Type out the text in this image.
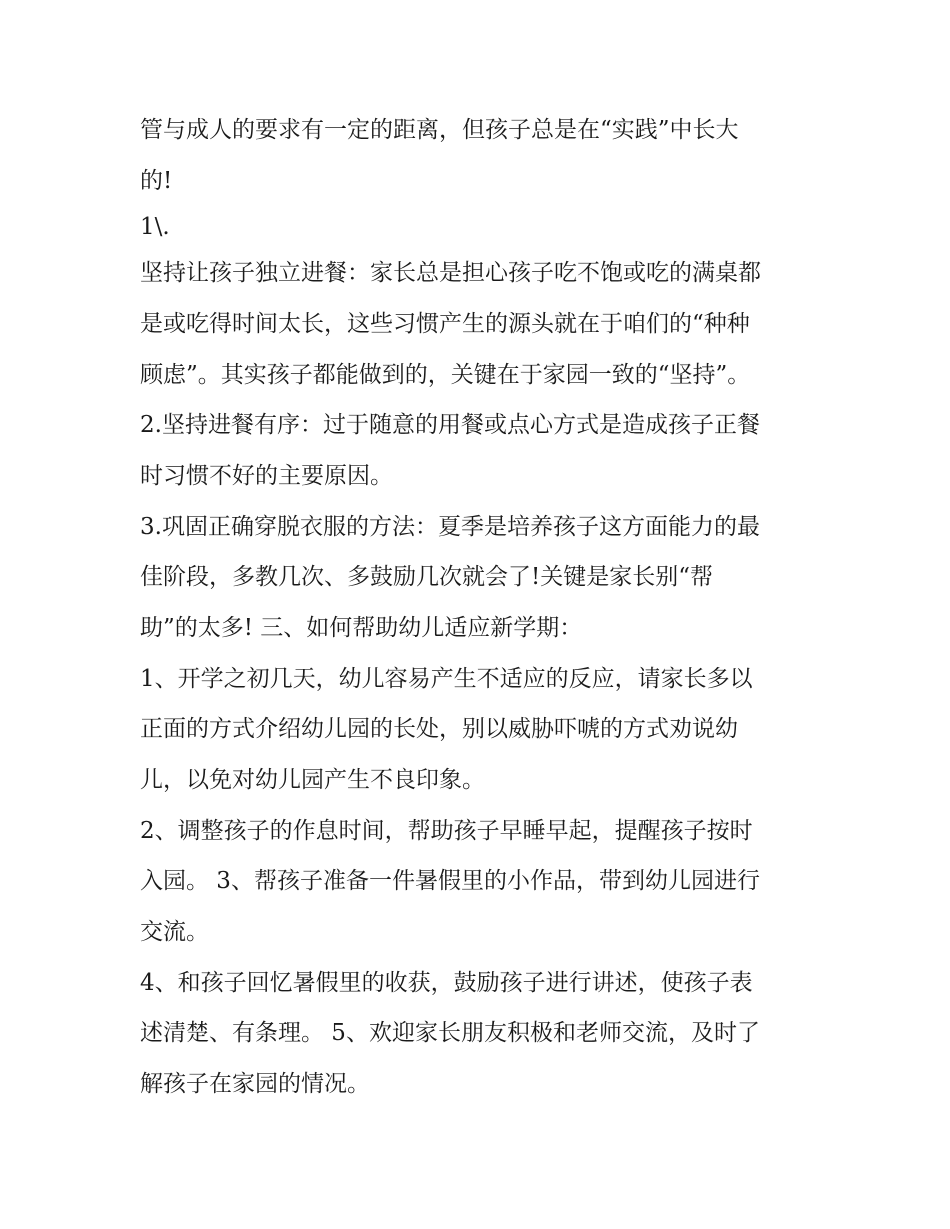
管与成人的要求有一定的距离，但孩子总是在“实践”中长大

的!

1\.

坚持让孩子独立进餐：家长总是担心孩子吃不饱或吃的满桌都

是或吃得时间太长，这些习惯产生的源头就在于咱们的“种种

顾虑”。其实孩子都能做到的，关键在于家园一致的“坚持”。

2.坚持进餐有序：过于随意的用餐或点心方式是造成孩子正餐

时习惯不好的主要原因。

3.巩固正确穿脱衣服的方法：夏季是培养孩子这方面能力的最

佳阶段，多教几次、多鼓励几次就会了!关键是家长别“帮

助”的太多! 三、如何帮助幼儿适应新学期：

1、开学之初几天，幼儿容易产生不适应的反应，请家长多以

正面的方式介绍幼儿园的长处，别以威胁吓唬的方式劝说幼

儿，以免对幼儿园产生不良印象。

2、调整孩子的作息时间，帮助孩子早睡早起，提醒孩子按时

入园。 3、帮孩子准备一件暑假里的小作品，带到幼儿园进行

交流。

4、和孩子回忆暑假里的收获，鼓励孩子进行讲述，使孩子表

述清楚、有条理。 5、欢迎家长朋友积极和老师交流，及时了

解孩子在家园的情况。
